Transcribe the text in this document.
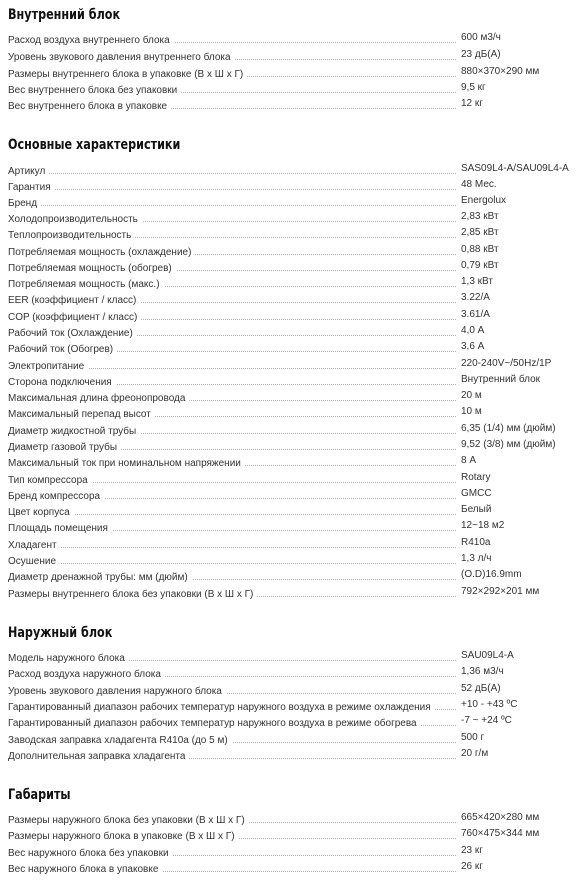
Внутренний блок
Расход воздуха внутреннего блока	600 м3/ч
Уровень звукового давления внутреннего блока	23 дБ(А)
Размеры внутреннего блока в упаковке (В х Ш х Г)	880×370×290 мм
Вес внутреннего блока без упаковки	9,5 кг
Вес внутреннего блока в упаковке	12 кг
Основные характеристики
Артикул	SAS09L4-A/SAU09L4-A
Гарантия	48 Мес.
Бренд	Energolux
Холодопроизводительность	2,83 кВт
Теплопроизводительность	2,85 кВт
Потребляемая мощность (охлаждение)	0,88 кВт
Потребляемая мощность (обогрев)	0,79 кВт
Потребляемая мощность (макс.)	1,3 кВт
EER (коэффициент / класс)	3.22/A
COP (коэффициент / класс)	3.61/A
Рабочий ток (Охлаждение)	4,0 А
Рабочий ток (Обогрев)	3,6 А
Электропитание	220-240V~/50Hz/1P
Сторона подключения	Внутренний блок
Максимальная длина фреонопровода	20 м
Максимальный перепад высот	10 м
Диаметр жидкостной трубы	6,35 (1/4) мм (дюйм)
Диаметр газовой трубы	9,52 (3/8) мм (дюйм)
Максимальный ток при номинальном напряжении	8 А
Тип компрессора	Rotary
Бренд компрессора	GMCC
Цвет корпуса	Белый
Площадь помещения	12~18 м2
Хладагент	R410a
Осушение	1,3 л/ч
Диаметр дренажной трубы: мм (дюйм)	(O.D)16.9mm
Размеры внутреннего блока без упаковки (В х Ш х Г)	792×292×201 мм
Наружный блок
Модель наружного блока	SAU09L4-A
Расход воздуха наружного блока	1,36 м3/ч
Уровень звукового давления наружного блока	52 дБ(А)
Гарантированный диапазон рабочих температур наружного воздуха в режиме охлаждения	+10 - +43 ºС
Гарантированный диапазон рабочих температур наружного воздуха в режиме обогрева	-7 ~ +24 ºС
Заводская заправка хладагента R410a (до 5 м)	500 г
Дополнительная заправка хладагента	20 г/м
Габариты
Размеры наружного блока без упаковки (В х Ш х Г)	665×420×280 мм
Размеры наружного блока в упаковке (В х Ш х Г)	760×475×344 мм
Вес наружного блока без упаковки	23 кг
Вес наружного блока в упаковке	26 кг
